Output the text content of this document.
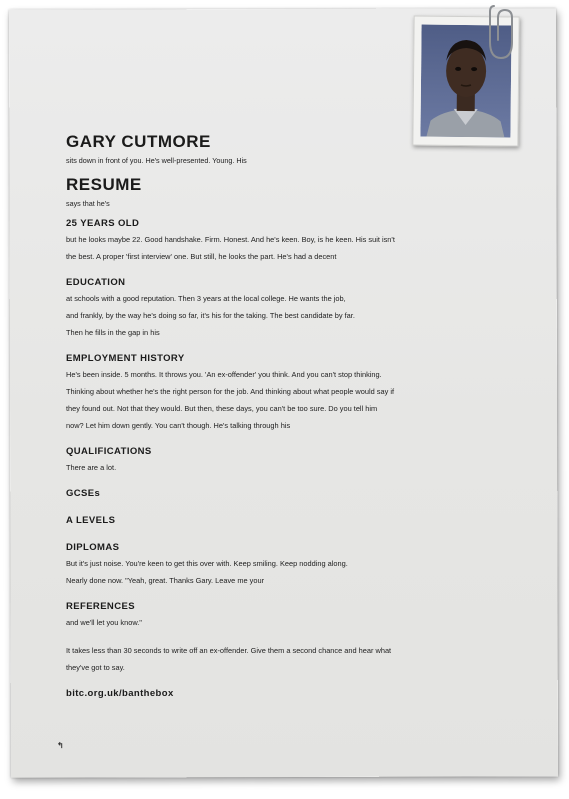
GARY CUTMORE

sits down in front of you. He's well-presented. Young. His

RESUME

says that he's

25 YEARS OLD

but he looks maybe 22. Good handshake. Firm. Honest. And he's keen. Boy, is he keen. His suit isn't

the best. A proper 'first interview' one. But still, he looks the part. He's had a decent

EDUCATION

at schools with a good reputation. Then 3 years at the local college. He wants the job,

and frankly, by the way he's doing so far, it's his for the taking. The best candidate by far.

Then he fills in the gap in his

EMPLOYMENT HISTORY

He's been inside. 5 months. It throws you. 'An ex-offender' you think. And you can't stop thinking.

Thinking about whether he's the right person for the job. And thinking about what people would say if

they found out. Not that they would. But then, these days, you can't be too sure. Do you tell him

now? Let him down gently. You can't though. He's talking through his

QUALIFICATIONS

There are a lot.

GCSEs

A LEVELS

DIPLOMAS

But it's just noise. You're keen to get this over with. Keep smiling. Keep nodding along.

Nearly done now. "Yeah, great. Thanks Gary. Leave me your

REFERENCES

and we'll let you know."

It takes less than 30 seconds to write off an ex-offender. Give them a second chance and hear what

they've got to say.

bitc.org.uk/banthebox

↰
